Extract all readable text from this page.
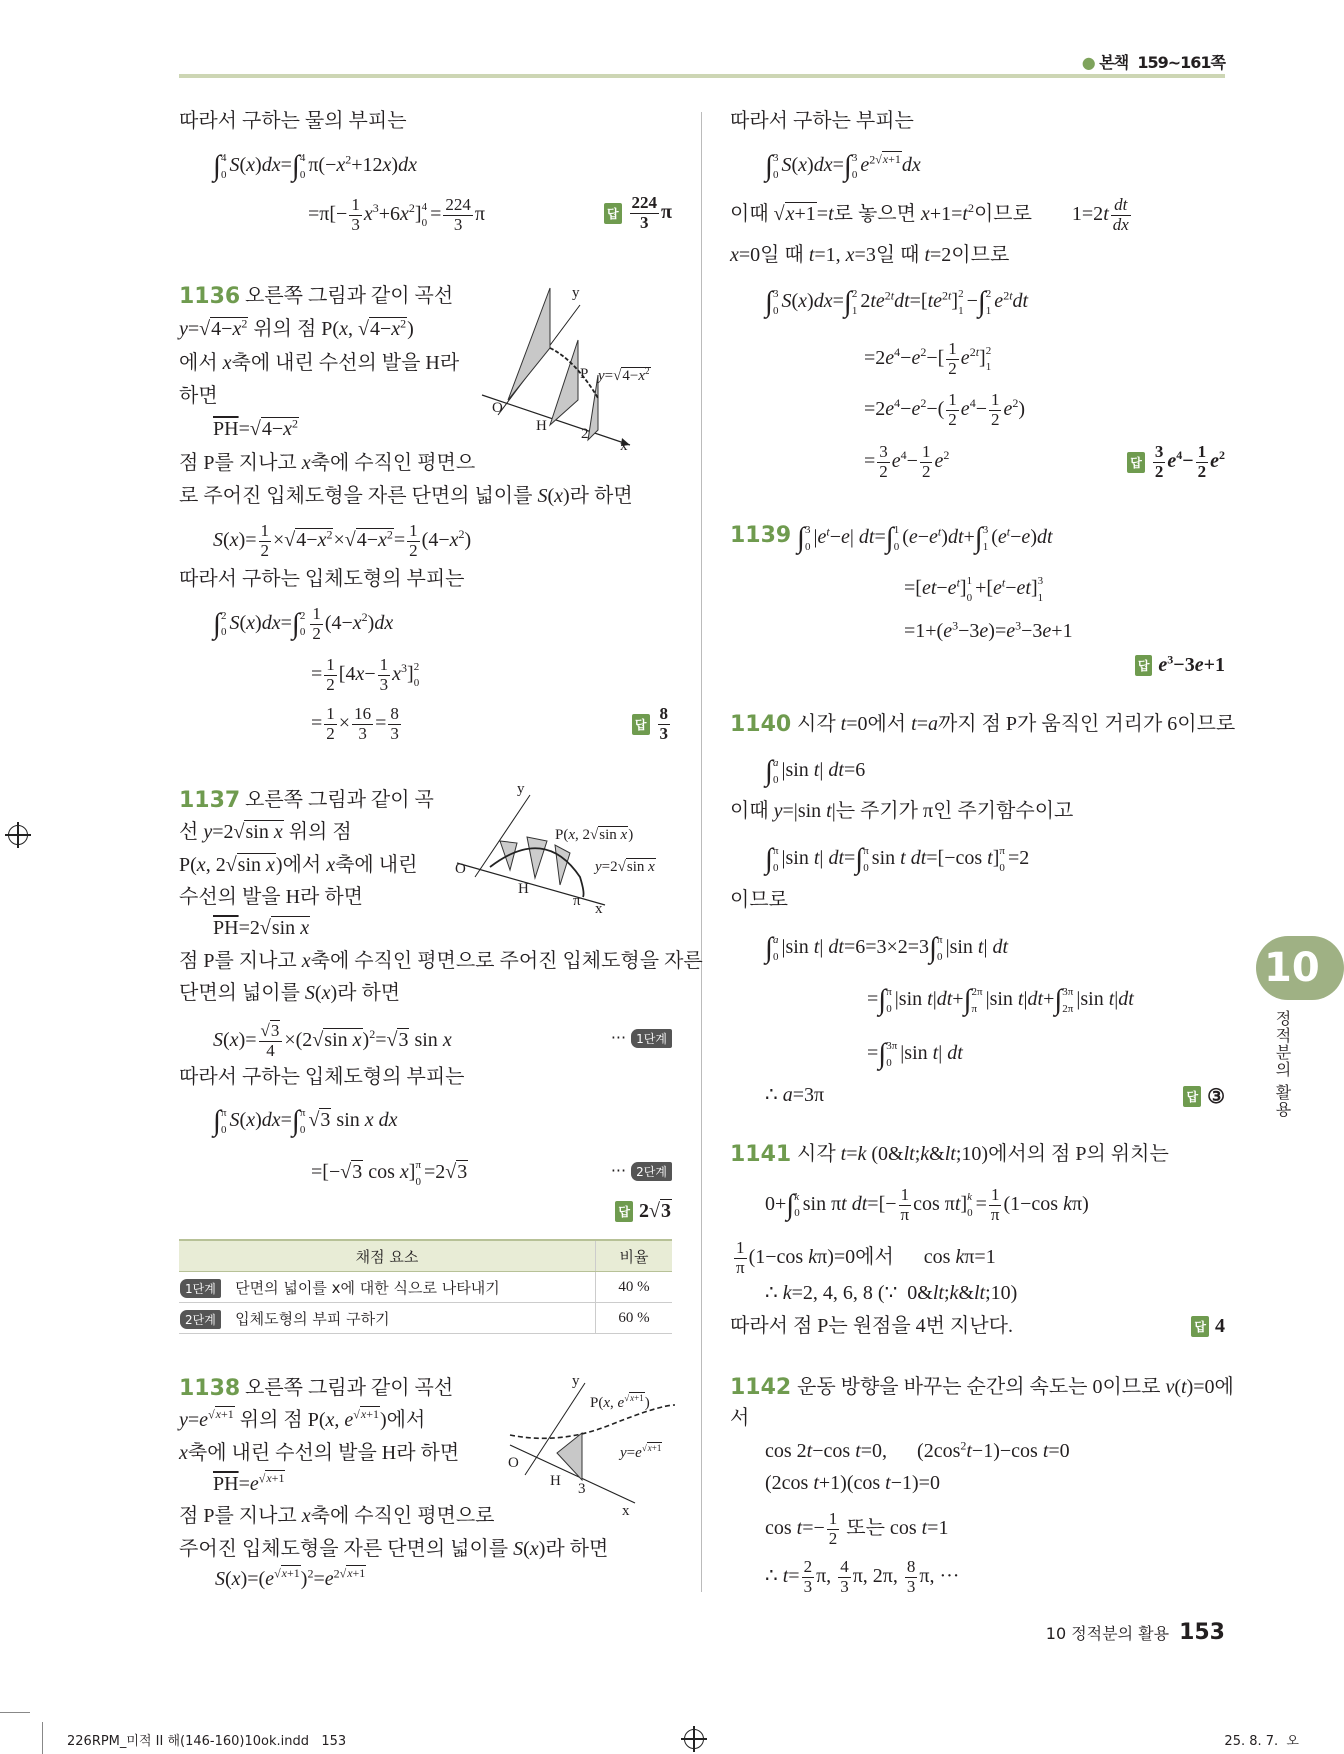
● 본책 159~161쪽
따라서 구하는 물의 부피는
∫ 4
0 S(x)dx=∫ 4
0 $\pi(-x^2+12x)dx$
$=\pi[- \frac{1}{3} x^3+6x^2]$ 4
$0 = \frac{224}{3}$ π	답 $\frac{224}{3}$ π
1136 오른쪽 그림과 같이 곡선
$y=√4-x^2$ 위의 점 P(x, $√4-x^2$)
에서 x축에 내린 수선의 발을 H라
하면
$\overline{PH}=√4-x^2$
점 P를 지나고 x축에 수직인 평면으
로 주어진 입체도형을 자른 단면의 넓이를 S(x)라 하면
$S(x)= \frac{1}{2} \times√4-x^2\times√4-x^2= \frac{1}{2} (4-x^2)$
따라서 구하는 입체도형의 부피는
∫ 2
0 S(x)dx=∫ 2
$0 \frac{1}{2} (4-x^2)dx$
= $\frac{1}{2} [4x- \frac{1}{3} x^3]$ 2
0
= $\frac{1}{2} \times \frac{16}{3} = \frac{8}{3}$	답 $\frac{8}{3}$
y
x
O
H
P
2
$y=√4-x^2$
1137 오른쪽 그림과 같이 곡
선 y=2√sin x 위의 점
P(x, 2√sin x)에서 x축에 내린
수선의 발을 H라 하면
$\overline{PH}=2√\sin$ x
점 P를 지나고 x축에 수직인 평면으로 주어진 입체도형을 자른
단면의 넓이를 S(x)라 하면
$S(x)= \frac{√3}{4} \times(2√\sin$ x)$^2$=√3 sin x	··· 1단계
따라서 구하는 입체도형의 부피는
∫ π
0 S(x)dx=∫ π
0 √3 sin x dx
=[−√3 cos x] π
0 =2√3	··· 2단계
답 2√3
y
x
O
H
π
P(x, 2√sin x)
y=2√sin x
채점 요소	비율
1단계 단면의 넓이를 x에 대한 식으로 나타내기	40 %
2단계 입체도형의 부피 구하기	60 %
1138 오른쪽 그림과 같이 곡선
$y=e^{√x+1}$ 위의 점 P(x, $e^{√x+1}$)에서
x축에 내린 수선의 발을 H라 하면
$\overline{PH}=e^{√x+1}$
점 P를 지나고 x축에 수직인 평면으로
주어진 입체도형을 자른 단면의 넓이를 S(x)라 하면
$S(x)=(e^{√x+1})^2=e^{2√x+1}$
y
x
O
H 3
P(x, $e^{√x+1}$)
$y=e^{√x+1}$
따라서 구하는 부피는
∫ 3
0 S(x)dx=∫ 3
0 $e^{2√x+1}dx$
이때 √x+1=t로 놓으면 $x+1=t^2$이므로        $1=2t \frac{dt}{dx}$
x=0일 때 t=1, x=3일 때 t=2이므로
∫ 3
0 S(x)dx=∫ 2
1 $2te^{2t}dt=[te^{2t}]$ 2
1 −∫ 2
1 $e^{2t}dt$
$=2e^4-e^2-[ \frac{1}{2} e^{2t}]$ 2
1
$=2e^4-e^2-( \frac{1}{2} e^4- \frac{1}{2} e^2)$
= $\frac{3}{2} e^4- \frac{1}{2} e^2$
답 $\frac{3}{2} e^4- \frac{1}{2} e^2$
1139 ∫ 3
0 $|e^t-e|$ dt=∫ 1
0 $(e-e^t)dt+\int$ 3
1 $(e^t-e)dt$
$=[et-e^t]$ 1
$0 +[e^t-et]$ 3
1
$=1+(e^3-3e)=e^3-3e+1$
답 $e^3-3e+1$
1140 시각 t=0에서 t=a까지 점 P가 움직인 거리가 6이므로
∫ a
0 |sin t| dt=6
이때 y=|sin t|는 주기가 π인 주기함수이고
∫ π
0 |sin t| dt=∫ π
0 sin t dt=[−cos t] π
0 =2
이므로
∫ a
0 |sin t| dt=6=3×2=3∫ π
0 |sin t| dt
=∫ π
0 |sin t|dt+∫ 2π
π |sin t|dt+∫ 3π
2π |sin t|dt
=∫ 3π
0 |sin t| dt
∴ a=3π	답 ③
1141 시각 t=k (0&lt;k&lt;10)에서의 점 P의 위치는
0+∫ k
0 sin πt $dt=[- \frac{1}{\pi}$ cos πt] k
$0 = \frac{1}{\pi} (1-\cos$ kπ)
$\frac{1}{\pi} (1-\cos$ kπ)=0에서      cos kπ=1
∴ k=2, 4, 6, 8 (∵  0&lt;k&lt;10)
따라서 점 P는 원점을 4번 지난다.	답 4
1142 운동 방향을 바꾸는 순간의 속도는 0이므로 v(t)=0에
서
cos 2t−cos t=0,      $(2\cos^2t-1)-\cos$ t=0
(2cos t+1)(cos t−1)=0
$\cos t=- \frac{1}{2}$ 또는 cos t=1
∴ $t= \frac{2}{3} \pi$, $\frac{4}{3} \pi$, 2π, $\frac{8}{3} \pi$, ···
10
정적분의 활용
10 정적분의 활용 153
226RPM_미적 II 해(146-160)10ok.indd   153	25. 8. 7.  오
